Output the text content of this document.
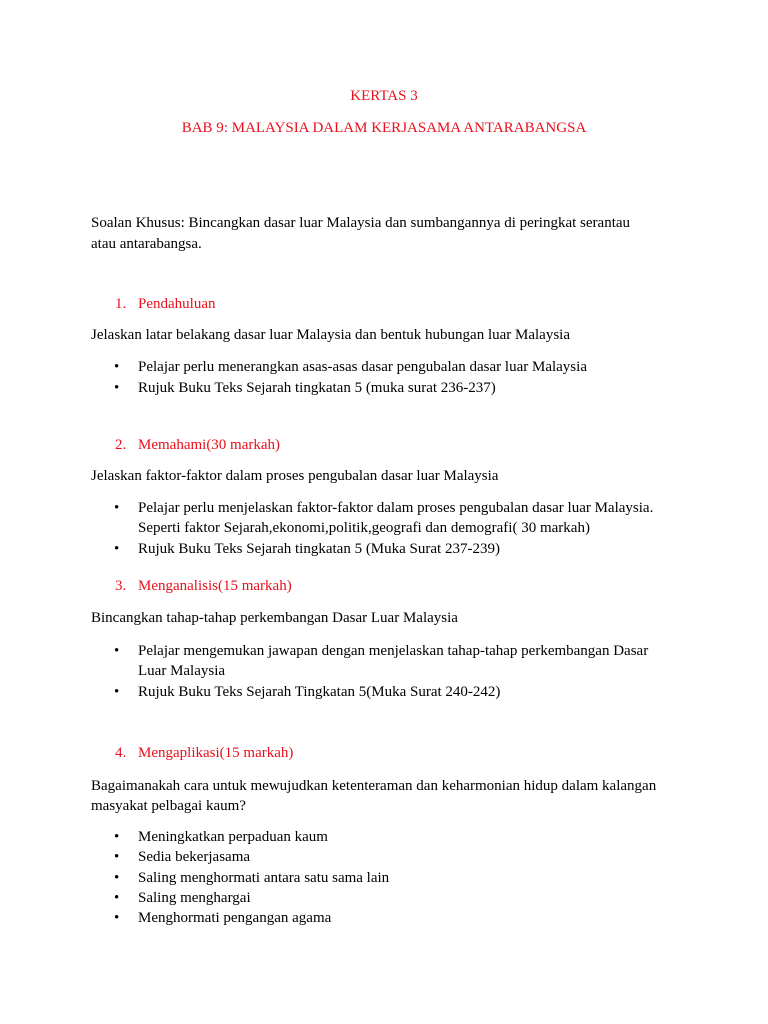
KERTAS 3
BAB 9: MALAYSIA DALAM KERJASAMA ANTARABANGSA
Soalan Khusus: Bincangkan dasar luar Malaysia dan sumbangannya di peringkat serantau
atau antarabangsa.
1. Pendahuluan
Jelaskan latar belakang dasar luar Malaysia dan bentuk hubungan luar Malaysia
• Pelajar perlu menerangkan asas-asas dasar pengubalan dasar luar Malaysia
• Rujuk Buku Teks Sejarah tingkatan 5 (muka surat 236-237)
2. Memahami(30 markah)
Jelaskan faktor-faktor dalam proses pengubalan dasar luar Malaysia
• Pelajar perlu menjelaskan faktor-faktor dalam proses pengubalan dasar luar Malaysia.
Seperti faktor Sejarah,ekonomi,politik,geografi dan demografi( 30 markah)
• Rujuk Buku Teks Sejarah tingkatan 5 (Muka Surat 237-239)
3. Menganalisis(15 markah)
Bincangkan tahap-tahap perkembangan Dasar Luar Malaysia
• Pelajar mengemukan jawapan dengan menjelaskan tahap-tahap perkembangan Dasar
Luar Malaysia
• Rujuk Buku Teks Sejarah Tingkatan 5(Muka Surat 240-242)
4. Mengaplikasi(15 markah)
Bagaimanakah cara untuk mewujudkan ketenteraman dan keharmonian hidup dalam kalangan
masyakat pelbagai kaum?
• Meningkatkan perpaduan kaum
• Sedia bekerjasama
• Saling menghormati antara satu sama lain
• Saling menghargai
• Menghormati pengangan agama
